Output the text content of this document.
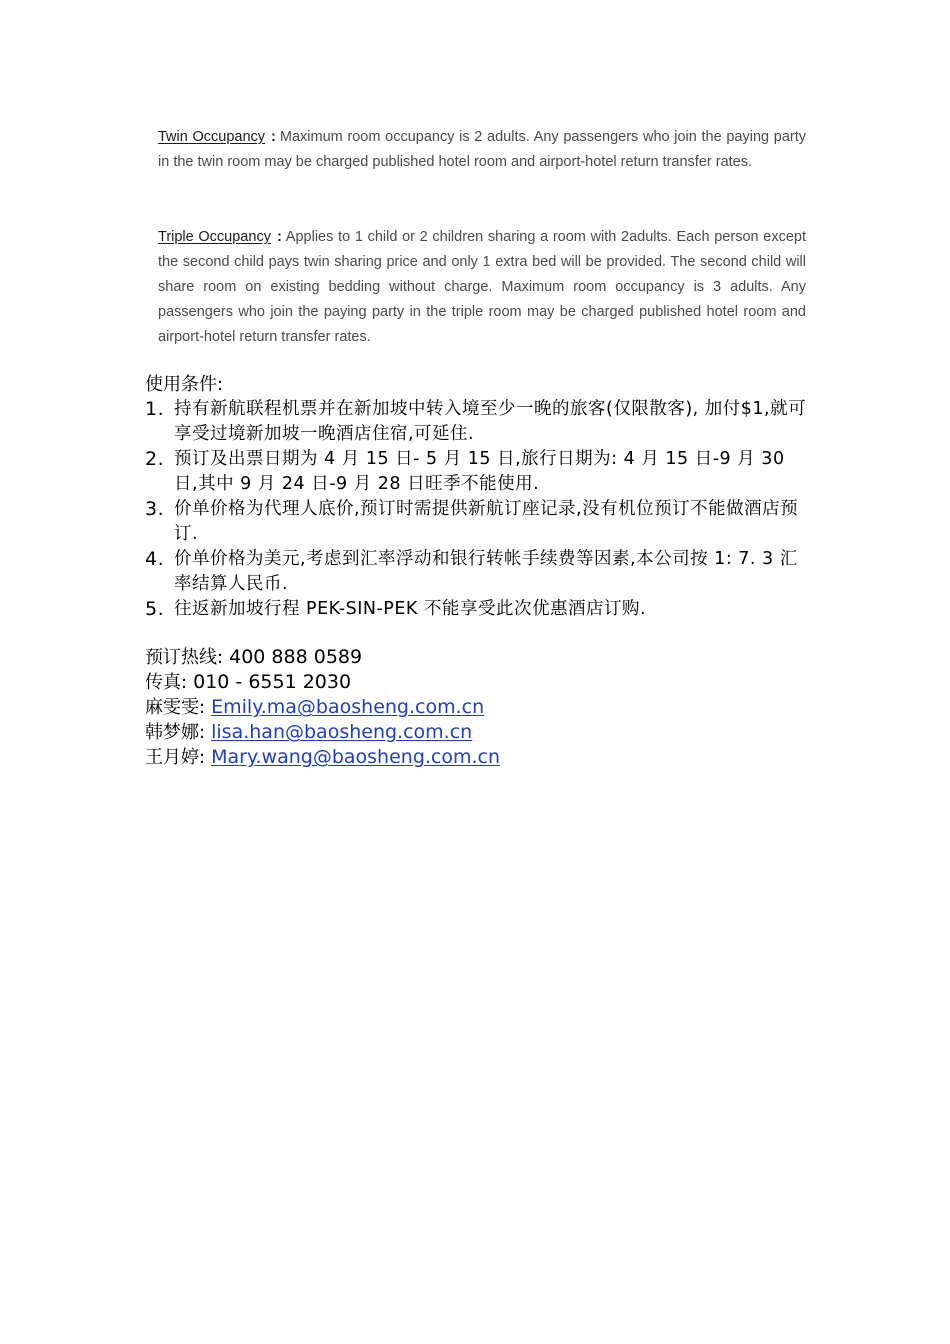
Twin Occupancy : Maximum room occupancy is 2 adults. Any passengers who join the paying party in the twin room may be charged published hotel room and airport-hotel return transfer rates.
Triple Occupancy : Applies to 1 child or 2 children sharing a room with 2adults. Each person except the second child pays twin sharing price and only 1 extra bed will be provided. The second child will share room on existing bedding without charge. Maximum room occupancy is 3 adults. Any passengers who join the paying party in the triple room may be charged published hotel room and airport-hotel return transfer rates.
使用条件:
1. 持有新航联程机票并在新加坡中转入境至少一晚的旅客(仅限散客), 加付$1,就可享受过境新加坡一晚酒店住宿,可延住.
2. 预订及出票日期为 4 月 15 日- 5 月 15 日,旅行日期为: 4 月 15 日-9 月 30 日,其中 9 月 24 日-9 月 28 日旺季不能使用.
3. 价单价格为代理人底价,预订时需提供新航订座记录,没有机位预订不能做酒店预订.
4. 价单价格为美元,考虑到汇率浮动和银行转帐手续费等因素,本公司按 1: 7. 3 汇率结算人民币.
5. 往返新加坡行程 PEK-SIN-PEK 不能享受此次优惠酒店订购.
预订热线: 400 888 0589
传真: 010 - 6551 2030
麻雯雯: Emily.ma@baosheng.com.cn
韩梦娜: lisa.han@baosheng.com.cn
王月婷: Mary.wang@baosheng.com.cn
